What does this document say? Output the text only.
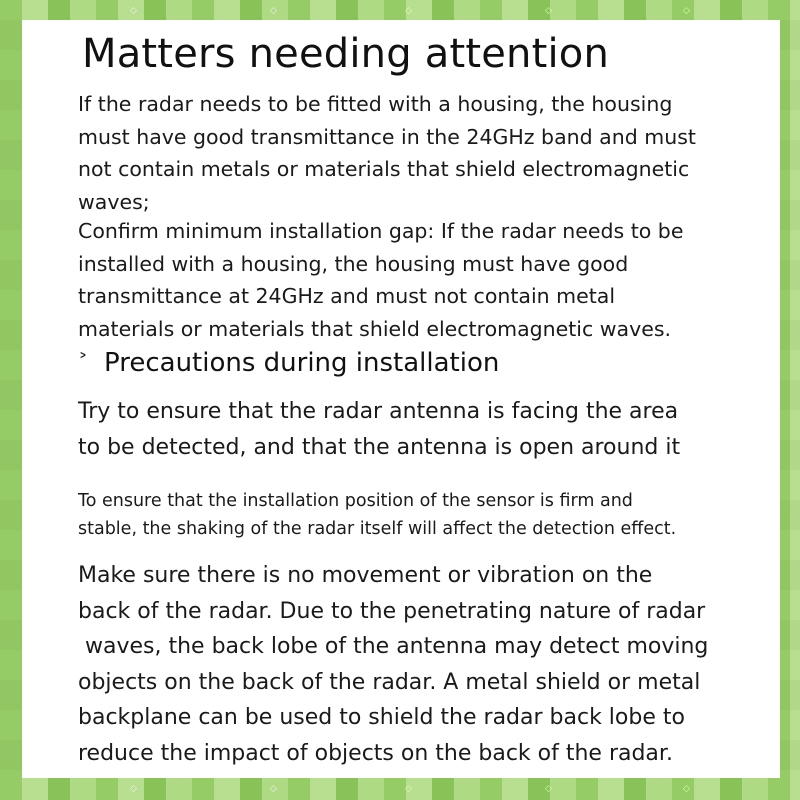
◇	◇	◇	◇	◇
◇	◇	◇	◇	◇
Matters needing attention

If the radar needs to be fitted with a housing, the housing
must have good transmittance in the 24GHz band and must
not contain metals or materials that shield electromagnetic
waves;

Confirm minimum installation gap: If the radar needs to be
installed with a housing, the housing must have good
transmittance at 24GHz and must not contain metal
materials or materials that shield electromagnetic waves.

˃ Precautions during installation

Try to ensure that the radar antenna is facing the area
to be detected, and that the antenna is open around it

To ensure that the installation position of the sensor is firm and
stable, the shaking of the radar itself will affect the detection effect.

Make sure there is no movement or vibration on the
back of the radar. Due to the penetrating nature of radar
waves, the back lobe of the antenna may detect moving
objects on the back of the radar. A metal shield or metal
backplane can be used to shield the radar back lobe to
reduce the impact of objects on the back of the radar.
